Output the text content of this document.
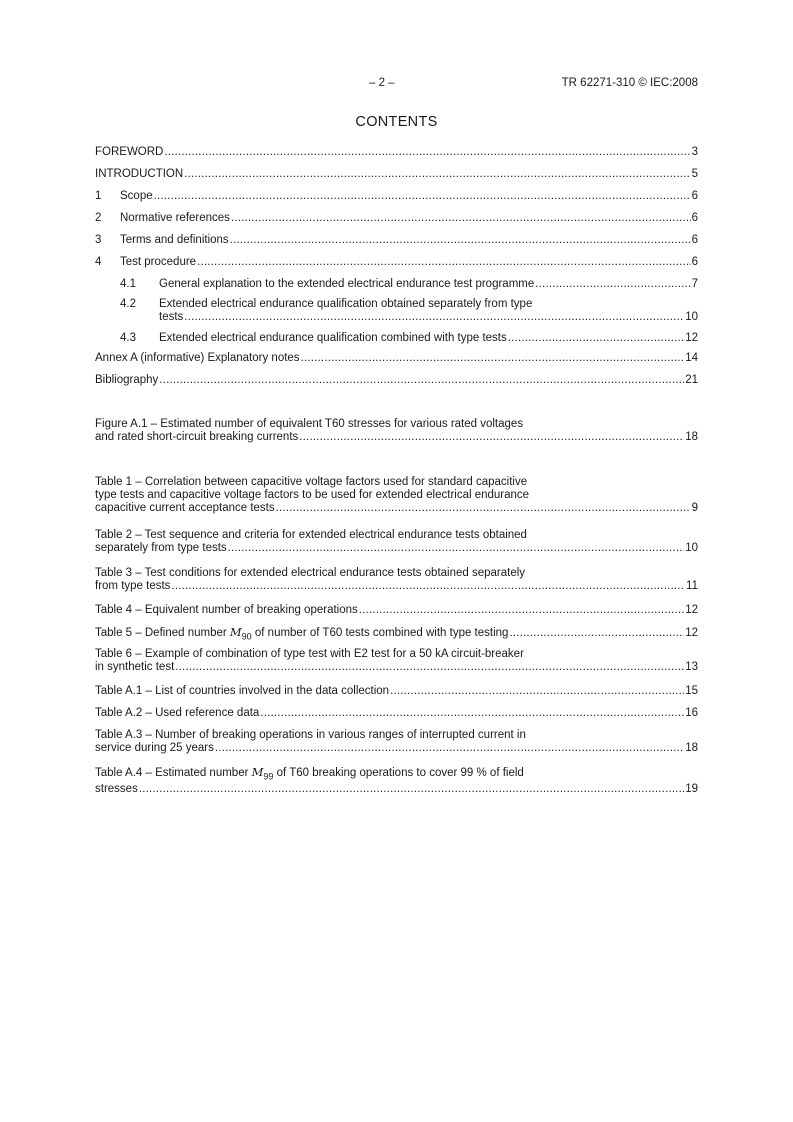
– 2 –	TR 62271-310 © IEC:2008
CONTENTS
FOREWORD .....	3
INTRODUCTION .....	5
1	Scope .....	6
2	Normative references .....	6
3	Terms and definitions .....	6
4	Test procedure .....	6
4.1	General explanation to the extended electrical endurance test programme .....	7
4.2	Extended electrical endurance qualification obtained separately from type
tests .....	10
4.3	Extended electrical endurance qualification combined with type tests .....	12
Annex A (informative) Explanatory notes .....	14
Bibliography .....	21
Figure A.1 – Estimated number of equivalent T60 stresses for various rated voltages
and rated short-circuit breaking currents .....	18
Table 1 – Correlation between capacitive voltage factors used for standard capacitive
type tests and capacitive voltage factors to be used for extended electrical endurance
capacitive current acceptance tests .....	9
Table 2 – Test sequence and criteria for extended electrical endurance tests obtained
separately from type tests .....	10
Table 3 – Test conditions for extended electrical endurance tests obtained separately
from type tests .....	11
Table 4 – Equivalent number of breaking operations .....	12
Table 5 – Defined number $M_{90}$ of number of T60 tests combined with type testing .....	12
Table 6 – Example of combination of type test with E2 test for a 50 kA circuit-breaker
in synthetic test .....	13
Table A.1 – List of countries involved in the data collection .....	15
Table A.2 – Used reference data .....	16
Table A.3 – Number of breaking operations in various ranges of interrupted current in
service during 25 years .....	18
Table A.4 – Estimated number $M_{99}$ of T60 breaking operations to cover 99 % of field
stresses .....	19
